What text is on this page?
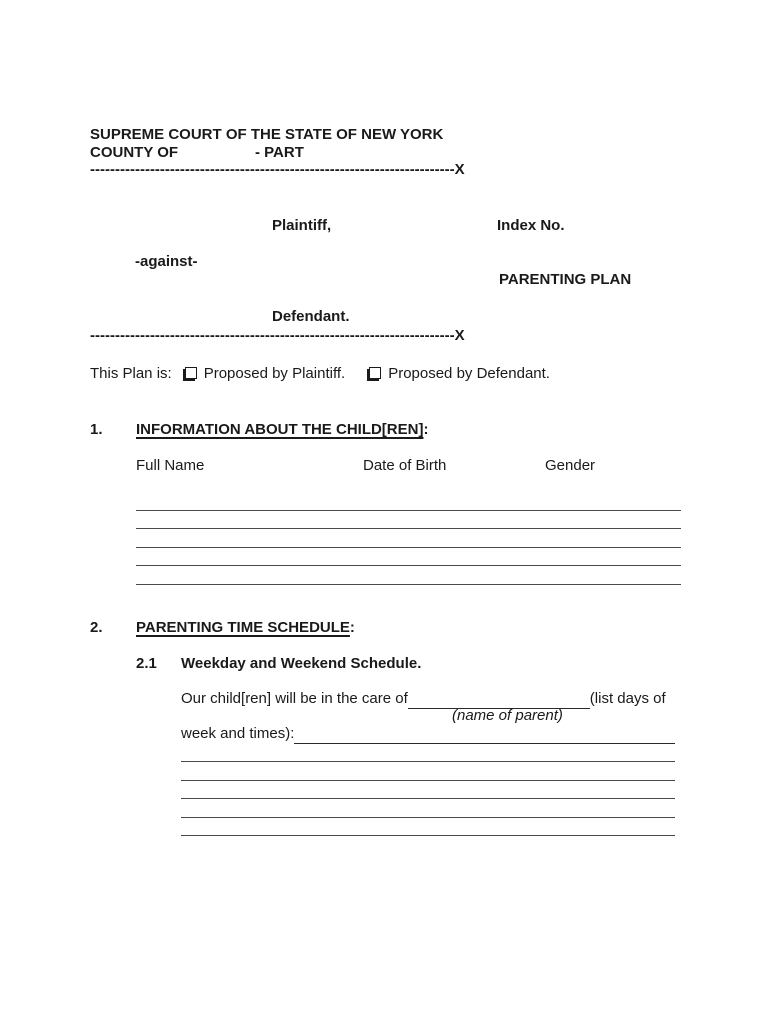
SUPREME COURT OF THE STATE OF NEW YORK
COUNTY OF	- PART
-------------------------------------------------------------------------X
Plaintiff,	Index No.
-against-
PARENTING PLAN
Defendant.
-------------------------------------------------------------------------X
This Plan is: Proposed by Plaintiff.	Proposed by Defendant.
1. INFORMATION ABOUT THE CHILD[REN]:
Full Name	Date of Birth	Gender
2. PARENTING TIME SCHEDULE:
2.1 Weekday and Weekend Schedule.
Our child[ren] will be in the care of	(list days of
(name of parent)
week and times):
